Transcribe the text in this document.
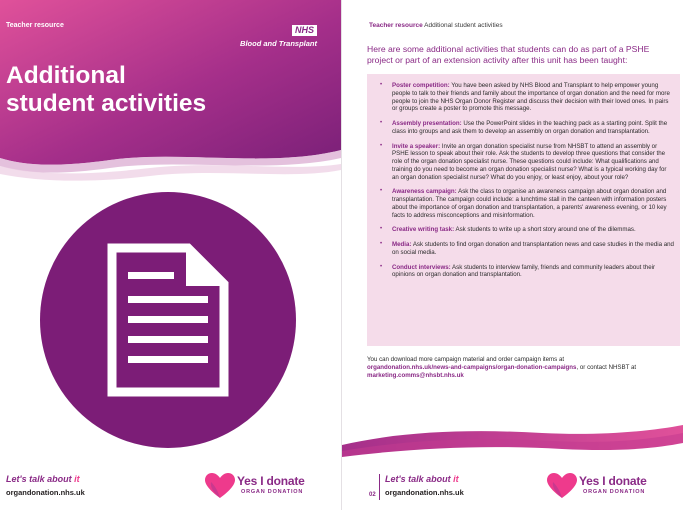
Teacher resource	NHS
Blood and Transplant
Additional
student activities
Let's talk about it
organdonation.nhs.uk
Yes I donate
ORGAN DONATION
Teacher resource Additional student activities
Here are some additional activities that students can do as part of a PSHE project or part of an extension activity after this unit has been taught:
• Poster competition: You have been asked by NHS Blood and Transplant to help empower young people to talk to their friends and family about the importance of organ donation and the need for more people to join the NHS Organ Donor Register and discuss their decision with their loved ones. In pairs or groups create a poster to promote this message.
• Assembly presentation: Use the PowerPoint slides in the teaching pack as a starting point. Split the class into groups and ask them to develop an assembly on organ donation and transplantation.
• Invite a speaker: Invite an organ donation specialist nurse from NHSBT to attend an assembly or PSHE lesson to speak about their role. Ask the students to develop three questions that consider the role of the organ donation specialist nurse. These questions could include: What qualifications and training do you need to become an organ donation specialist nurse? What is a typical working day for an organ donation specialist nurse? What do you enjoy, or least enjoy, about your role?
• Awareness campaign: Ask the class to organise an awareness campaign about organ donation and transplantation. The campaign could include: a lunchtime stall in the canteen with information posters about the importance of organ donation and transplantation, a parents' awareness evening, or 10 key facts to address misconceptions and misinformation.
• Creative writing task: Ask students to write up a short story around one of the dilemmas.
• Media: Ask students to find organ donation and transplantation news and case studies in the media and on social media.
• Conduct interviews: Ask students to interview family, friends and community leaders about their opinions on organ donation and transplantation.
You can download more campaign material and order campaign items at
organdonation.nhs.uk/news-and-campaigns/organ-donation-campaigns, or contact NHSBT at marketing.comms@nhsbt.nhs.uk
02
Let's talk about it
organdonation.nhs.uk
Yes I donate
ORGAN DONATION
